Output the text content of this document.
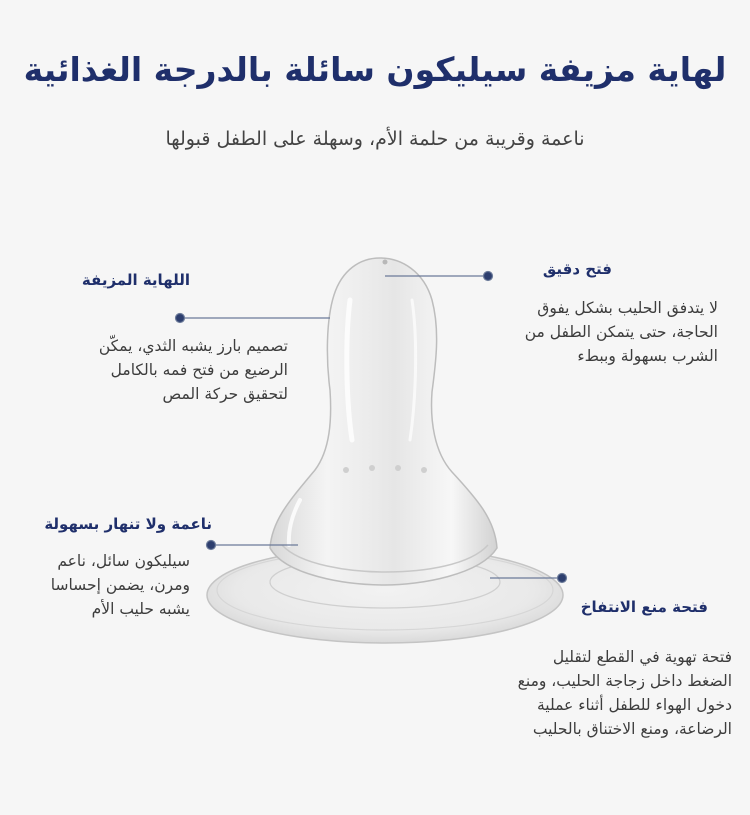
لهاية مزيفة سيليكون سائلة بالدرجة الغذائية

ناعمة وقريبة من حلمة الأم، وسهلة على الطفل قبولها

فتح دقيق
لا يتدفق الحليب بشكل يفوق
الحاجة، حتى يتمكن الطفل من
الشرب بسهولة وببطء
اللهاية المزيفة
تصميم بارز يشبه الثدي، يمكّن
الرضيع من فتح فمه بالكامل
لتحقيق حركة المص
ناعمة ولا تنهار بسهولة
سيليكون سائل، ناعم
ومرن، يضمن إحساسا
يشبه حليب الأم	فتحة منع الانتفاخ
فتحة تهوية في القطع لتقليل
الضغط داخل زجاجة الحليب، ومنع
دخول الهواء للطفل أثناء عملية
الرضاعة، ومنع الاختناق بالحليب
